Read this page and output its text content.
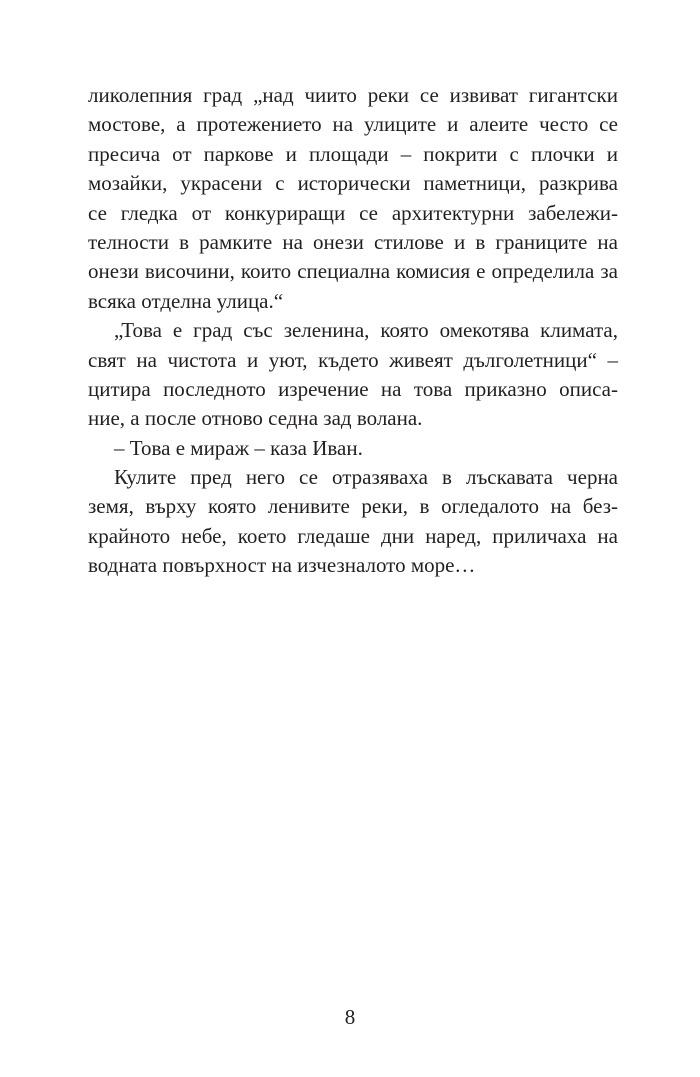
ликолепния град „над чиито реки се извиват гигантски
мостове, а протежението на улиците и алеите често се
пресича от паркове и площади – покрити с плочки и
мозайки, украсени с исторически паметници, разкрива
се гледка от конкуриращи се архитектурни забележи-
телности в рамките на онези стилове и в границите на
онези височини, които специална комисия е определила за
всяка отделна улица.“
„Това е град със зеленина, която омекотява климата,
свят на чистота и уют, където живеят дълголетници“ –
цитира последното изречение на това приказно описа-
ние, а после отново седна зад волана.
– Това е мираж – каза Иван.
Кулите пред него се отразяваха в лъскавата черна
земя, върху която ленивите реки, в огледалото на без-
крайното небе, което гледаше дни наред, приличаха на
водната повърхност на изчезналото море…
8
